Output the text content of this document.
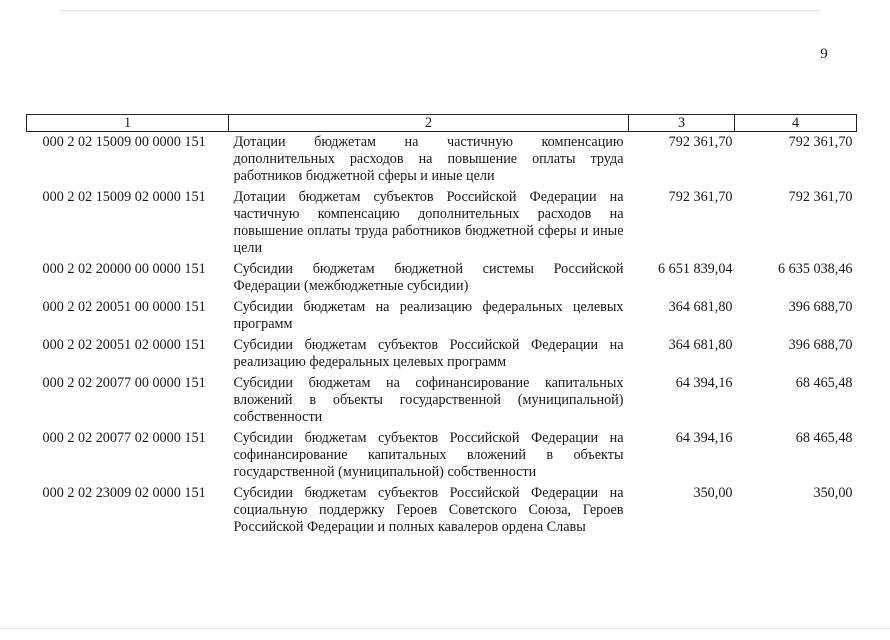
9
1	2	3	4
000 2 02 15009 00 0000 151	Дотации бюджетам на частичную компенсацию дополнительных расходов на повышение оплаты труда работников бюджетной сферы и иные цели	792 361,70	792 361,70
000 2 02 15009 02 0000 151	Дотации бюджетам субъектов Российской Федерации на частичную компенсацию дополнительных расходов на повышение оплаты труда работников бюджетной сферы и иные цели	792 361,70	792 361,70
000 2 02 20000 00 0000 151	Субсидии бюджетам бюджетной системы Российской Федерации (межбюджетные субсидии)	6 651 839,04	6 635 038,46
000 2 02 20051 00 0000 151	Субсидии бюджетам на реализацию федеральных целевых программ	364 681,80	396 688,70
000 2 02 20051 02 0000 151	Субсидии бюджетам субъектов Российской Федерации на реализацию федеральных целевых программ	364 681,80	396 688,70
000 2 02 20077 00 0000 151	Субсидии бюджетам на софинансирование капитальных вложений в объекты государственной (муниципальной) собственности	64 394,16	68 465,48
000 2 02 20077 02 0000 151	Субсидии бюджетам субъектов Российской Федерации на софинансирование капитальных вложений в объекты государственной (муниципальной) собственности	64 394,16	68 465,48
000 2 02 23009 02 0000 151	Субсидии бюджетам субъектов Российской Федерации на социальную поддержку Героев Советского Союза, Героев Российской Федерации и полных кавалеров ордена Славы	350,00	350,00
